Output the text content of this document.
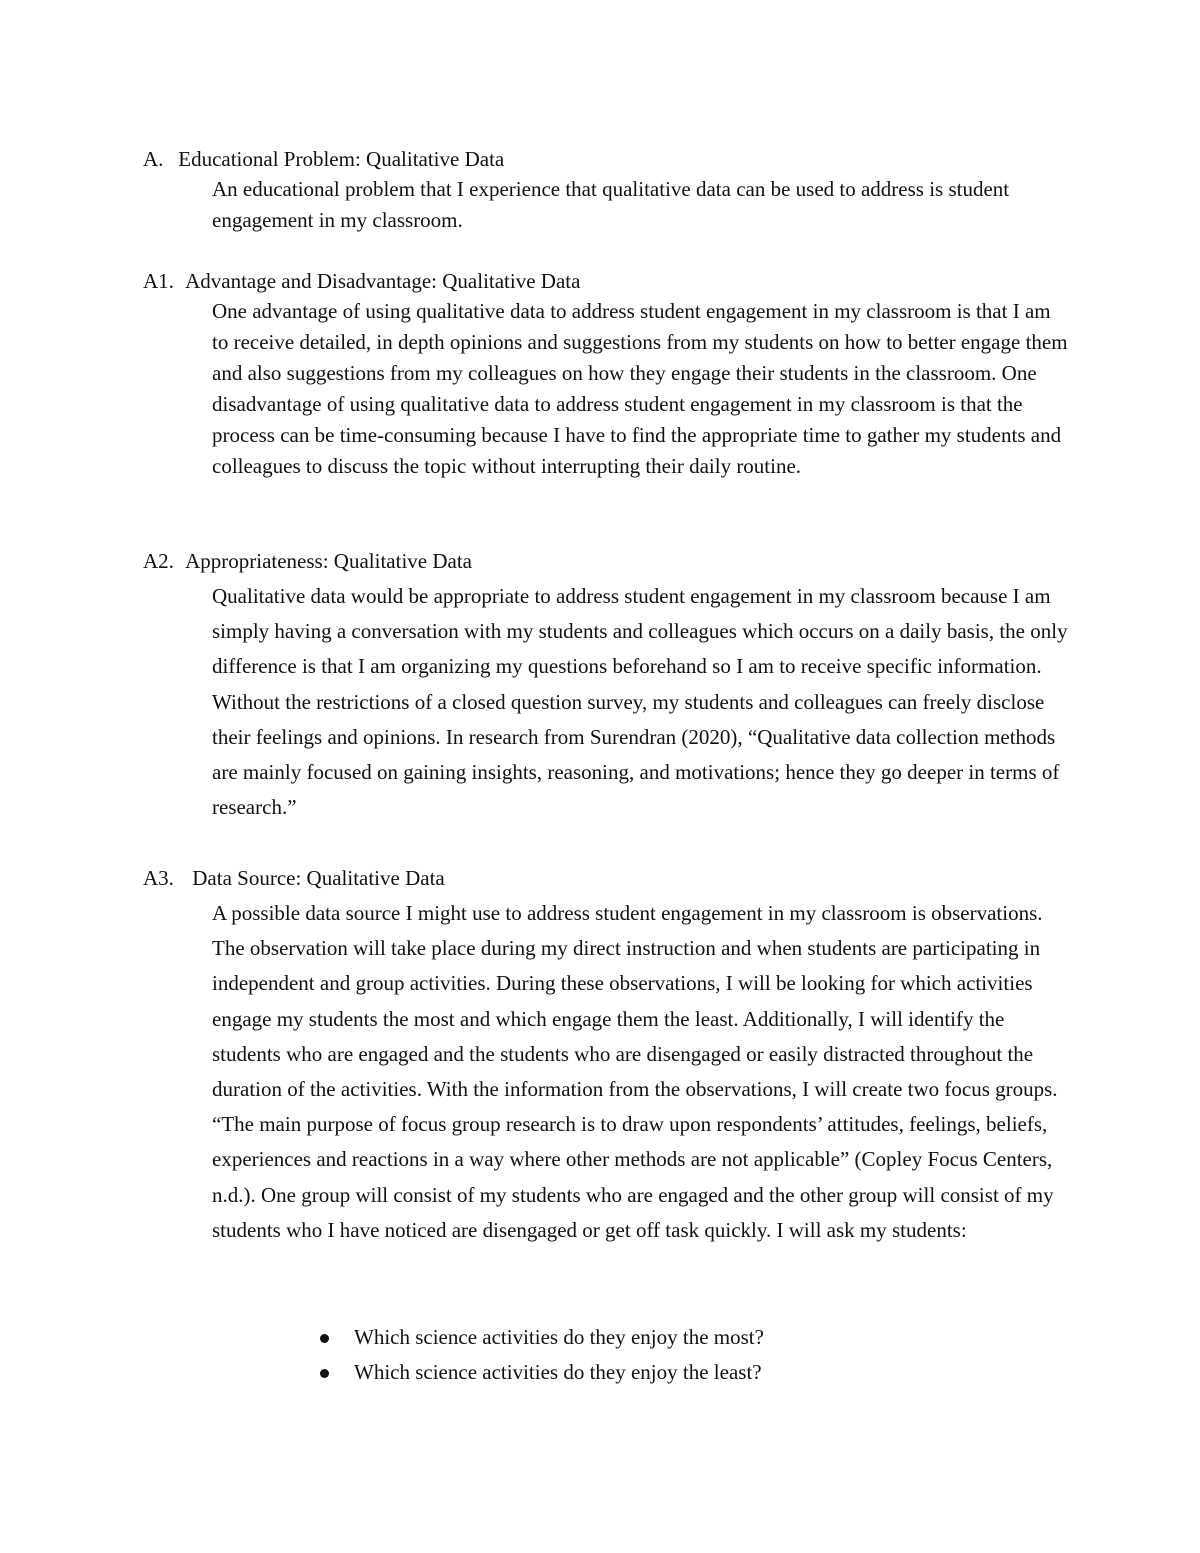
A. Educational Problem: Qualitative Data
An educational problem that I experience that qualitative data can be used to address is student engagement in my classroom.
A1. Advantage and Disadvantage: Qualitative Data
One advantage of using qualitative data to address student engagement in my classroom is that I am to receive detailed, in depth opinions and suggestions from my students on how to better engage them and also suggestions from my colleagues on how they engage their students in the classroom. One disadvantage of using qualitative data to address student engagement in my classroom is that the process can be time-consuming because I have to find the appropriate time to gather my students and colleagues to discuss the topic without interrupting their daily routine.
A2. Appropriateness: Qualitative Data
Qualitative data would be appropriate to address student engagement in my classroom because I am simply having a conversation with my students and colleagues which occurs on a daily basis, the only difference is that I am organizing my questions beforehand so I am to receive specific information. Without the restrictions of a closed question survey, my students and colleagues can freely disclose their feelings and opinions. In research from Surendran (2020), “Qualitative data collection methods are mainly focused on gaining insights, reasoning, and motivations; hence they go deeper in terms of research.”
A3. Data Source: Qualitative Data
A possible data source I might use to address student engagement in my classroom is observations. The observation will take place during my direct instruction and when students are participating in independent and group activities. During these observations, I will be looking for which activities engage my students the most and which engage them the least. Additionally, I will identify the students who are engaged and the students who are disengaged or easily distracted throughout the duration of the activities. With the information from the observations, I will create two focus groups. “The main purpose of focus group research is to draw upon respondents’ attitudes, feelings, beliefs, experiences and reactions in a way where other methods are not applicable” (Copley Focus Centers, n.d.). One group will consist of my students who are engaged and the other group will consist of my students who I have noticed are disengaged or get off task quickly. I will ask my students:
Which science activities do they enjoy the most?
Which science activities do they enjoy the least?
